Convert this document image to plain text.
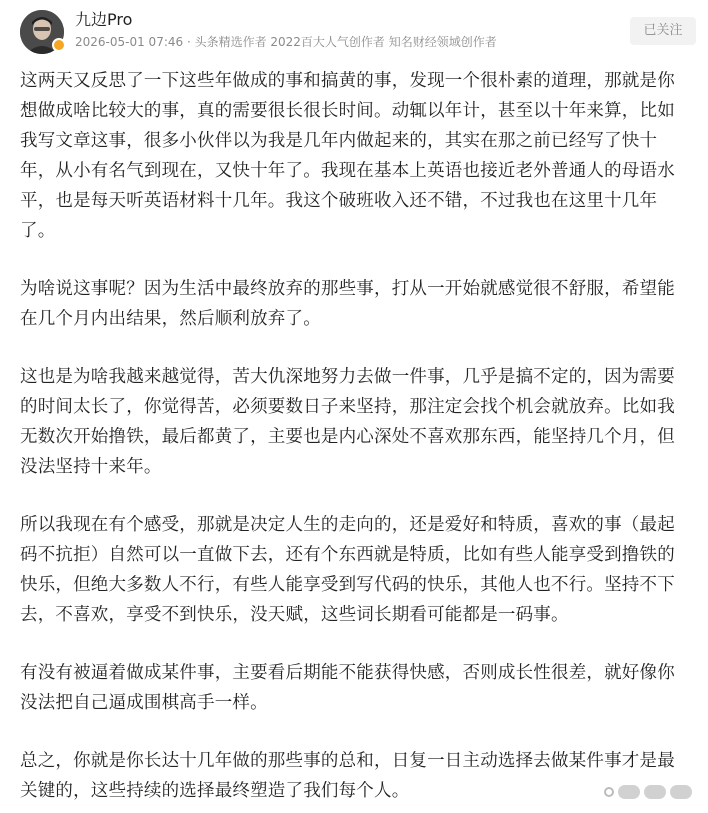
九边Pro
2026-05-01 07:46 · 头条精选作者 2022百大人气创作者 知名财经领域创作者
已关注

这两天又反思了一下这些年做成的事和搞黄的事，发现一个很朴素的道理，那就是你想做成啥比较大的事，真的需要很长很长时间。动辄以年计，甚至以十年来算，比如我写文章这事，很多小伙伴以为我是几年内做起来的，其实在那之前已经写了快十年，从小有名气到现在，又快十年了。我现在基本上英语也接近老外普通人的母语水平，也是每天听英语材料十几年。我这个破班收入还不错，不过我也在这里十几年了。

为啥说这事呢？因为生活中最终放弃的那些事，打从一开始就感觉很不舒服，希望能在几个月内出结果，然后顺利放弃了。

这也是为啥我越来越觉得，苦大仇深地努力去做一件事，几乎是搞不定的，因为需要的时间太长了，你觉得苦，必须要数日子来坚持，那注定会找个机会就放弃。比如我无数次开始撸铁，最后都黄了，主要也是内心深处不喜欢那东西，能坚持几个月，但没法坚持十来年。

所以我现在有个感受，那就是决定人生的走向的，还是爱好和特质，喜欢的事（最起码不抗拒）自然可以一直做下去，还有个东西就是特质，比如有些人能享受到撸铁的快乐，但绝大多数人不行，有些人能享受到写代码的快乐，其他人也不行。坚持不下去，不喜欢，享受不到快乐，没天赋，这些词长期看可能都是一码事。

有没有被逼着做成某件事，主要看后期能不能获得快感，否则成长性很差，就好像你没法把自己逼成围棋高手一样。

总之，你就是你长达十几年做的那些事的总和，日复一日主动选择去做某件事才是最关键的，这些持续的选择最终塑造了我们每个人。
